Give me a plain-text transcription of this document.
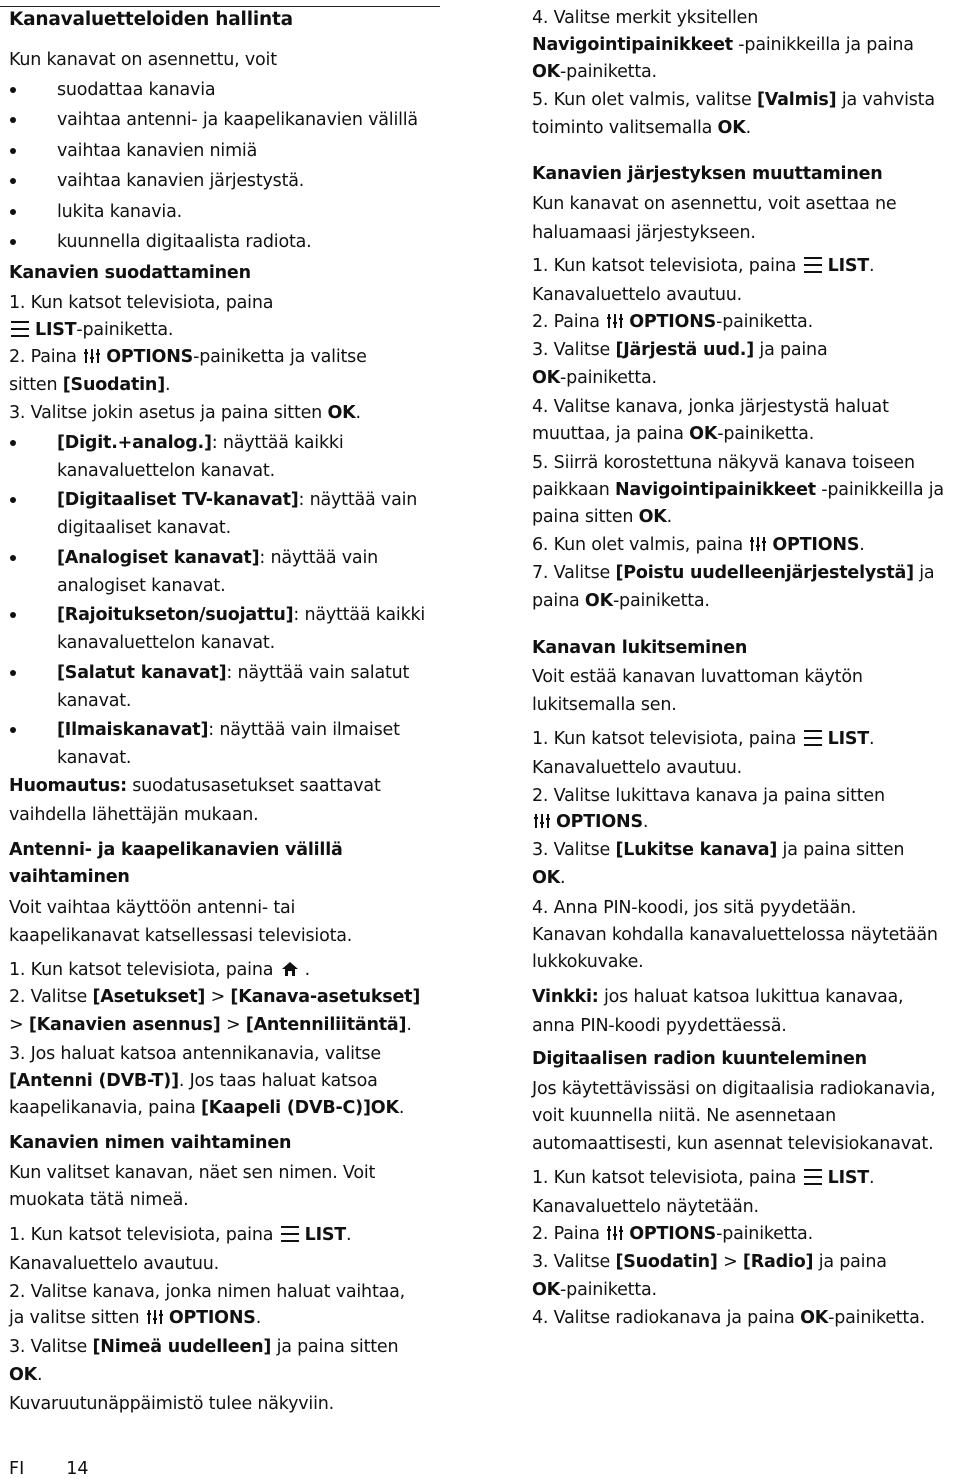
Kanavaluetteloiden hallinta
Kun kanavat on asennettu, voit
suodattaa kanavia
vaihtaa antenni- ja kaapelikanavien välillä
vaihtaa kanavien nimiä
vaihtaa kanavien järjestystä.
lukita kanavia.
kuunnella digitaalista radiota.
Kanavien suodattaminen
1. Kun katsot televisiota, paina
LIST-painiketta.
2. Paina OPTIONS-painiketta ja valitse
sitten [Suodatin].
3. Valitse jokin asetus ja paina sitten OK.
[Digit.+analog.]: näyttää kaikki
kanavaluettelon kanavat.
[Digitaaliset TV-kanavat]: näyttää vain
digitaaliset kanavat.
[Analogiset kanavat]: näyttää vain
analogiset kanavat.
[Rajoitukseton/suojattu]: näyttää kaikki
kanavaluettelon kanavat.
[Salatut kanavat]: näyttää vain salatut
kanavat.
[Ilmaiskanavat]: näyttää vain ilmaiset
kanavat.
Huomautus: suodatusasetukset saattavat
vaihdella lähettäjän mukaan.
Antenni- ja kaapelikanavien välillä
vaihtaminen
Voit vaihtaa käyttöön antenni- tai
kaapelikanavat katsellessasi televisiota.
1. Kun katsot televisiota, paina .
2. Valitse [Asetukset] > [Kanava-asetukset]
> [Kanavien asennus] > [Antenniliitäntä].
3. Jos haluat katsoa antennikanavia, valitse
[Antenni (DVB-T)]. Jos taas haluat katsoa
kaapelikanavia, paina [Kaapeli (DVB-C)]OK.
Kanavien nimen vaihtaminen
Kun valitset kanavan, näet sen nimen. Voit
muokata tätä nimeä.
1. Kun katsot televisiota, paina LIST.
Kanavaluettelo avautuu.
2. Valitse kanava, jonka nimen haluat vaihtaa,
ja valitse sitten OPTIONS.
3. Valitse [Nimeä uudelleen] ja paina sitten
OK.
Kuvaruutunäppäimistö tulee näkyviin.
4. Valitse merkit yksitellen
Navigointipainikkeet -painikkeilla ja paina
OK-painiketta.
5. Kun olet valmis, valitse [Valmis] ja vahvista
toiminto valitsemalla OK.
Kanavien järjestyksen muuttaminen
Kun kanavat on asennettu, voit asettaa ne
haluamaasi järjestykseen.
1. Kun katsot televisiota, paina LIST.
Kanavaluettelo avautuu.
2. Paina OPTIONS-painiketta.
3. Valitse [Järjestä uud.] ja paina
OK-painiketta.
4. Valitse kanava, jonka järjestystä haluat
muuttaa, ja paina OK-painiketta.
5. Siirrä korostettuna näkyvä kanava toiseen
paikkaan Navigointipainikkeet -painikkeilla ja
paina sitten OK.
6. Kun olet valmis, paina OPTIONS.
7. Valitse [Poistu uudelleenjärjestelystä] ja
paina OK-painiketta.
Kanavan lukitseminen
Voit estää kanavan luvattoman käytön
lukitsemalla sen.
1. Kun katsot televisiota, paina LIST.
Kanavaluettelo avautuu.
2. Valitse lukittava kanava ja paina sitten
OPTIONS.
3. Valitse [Lukitse kanava] ja paina sitten
OK.
4. Anna PIN-koodi, jos sitä pyydetään.
Kanavan kohdalla kanavaluettelossa näytetään
lukkokuvake.
Vinkki: jos haluat katsoa lukittua kanavaa,
anna PIN-koodi pyydettäessä.
Digitaalisen radion kuunteleminen
Jos käytettävissäsi on digitaalisia radiokanavia,
voit kuunnella niitä. Ne asennetaan
automaattisesti, kun asennat televisiokanavat.
1. Kun katsot televisiota, paina LIST.
Kanavaluettelo näytetään.
2. Paina OPTIONS-painiketta.
3. Valitse [Suodatin] > [Radio] ja paina
OK-painiketta.
4. Valitse radiokanava ja paina OK-painiketta.
FI 14
